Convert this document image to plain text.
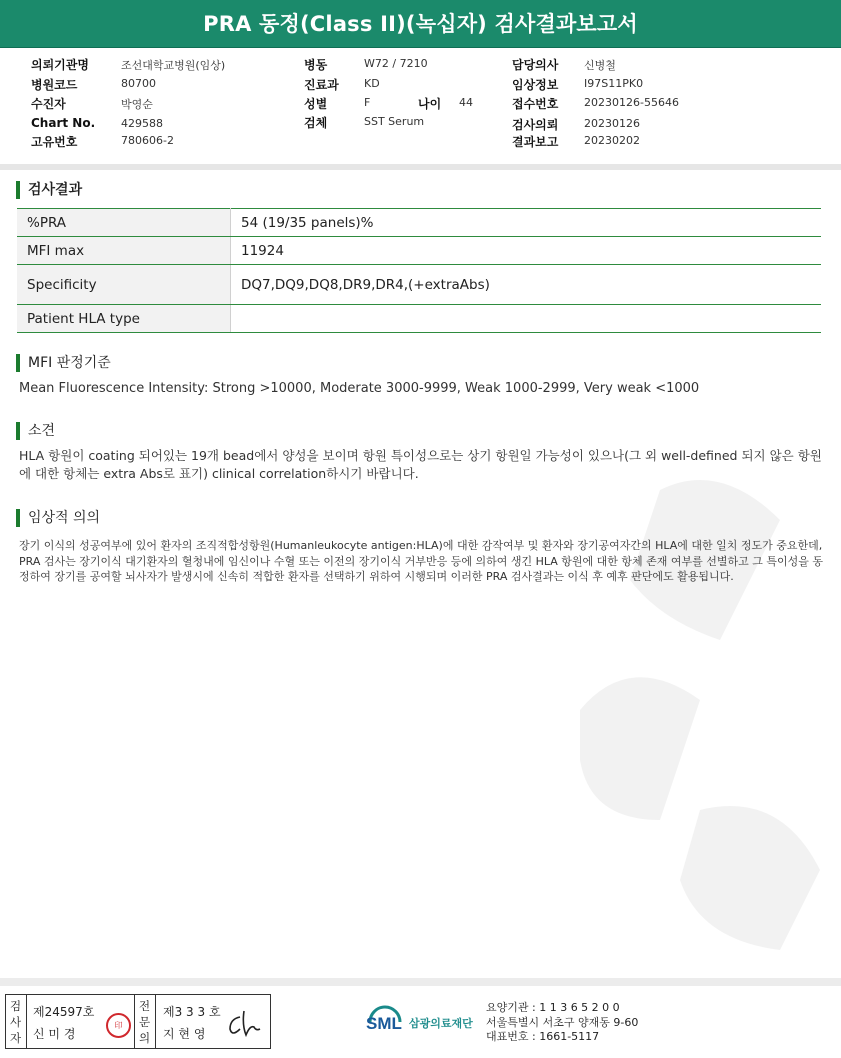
PRA 동정(Class II)(녹십자) 검사결과보고서
의뢰기관명	조선대학교병원(임상)
병원코드	80700
수진자	박영순
Chart No. 429588
고유번호	780606-2
병동	W72 / 7210
진료과 KD
성별	F	나이 44
검체	SST Serum
담당의사 신병철
임상정보 I97S11PK0
접수번호 20230126-55646
검사의뢰 20230126
결과보고 20230202
검사결과
%PRA	54 (19/35 panels)%
MFI max	11924
Specificity	DQ7,DQ9,DQ8,DR9,DR4,(+extraAbs)
Patient HLA type	
MFI 판정기준
Mean Fluorescence Intensity: Strong >10000, Moderate 3000-9999, Weak 1000-2999, Very weak <1000
소견
HLA 항원이 coating 되어있는 19개 bead에서 양성을 보이며 항원 특이성으로는 상기 항원일 가능성이 있으나(그 외 well-defined 되지 않은 항원에 대한 항체는 extra Abs로 표기) clinical correlation하시기 바랍니다.
임상적 의의
장기 이식의 성공여부에 있어 환자의 조직적합성항원(Humanleukocyte antigen:HLA)에 대한 감작여부 및 환자와 장기공여자간의 HLA에 대한 일치 정도가 중요한데, PRA 검사는 장기이식 대기환자의 혈청내에 임신이나 수혈 또는 이전의 장기이식 거부반응 등에 의하여 생긴 HLA 항원에 대한 항체 존재 여부를 선별하고 그 특이성을 동정하여 장기를 공여할 뇌사자가 발생시에 신속히 적합한 환자를 선택하기 위하여 시행되며 이러한 PRA 검사결과는 이식 후 예후 판단에도 활용됩니다.
검
사
자
제24597호
신 미 경
印
전
문
의
제3 3 3 호
지 현 영
SML 삼광의료재단
요양기관 : 1 1 3 6 5 2 0 0
서울특별시 서초구 양재동 9-60
대표번호 : 1661-5117
